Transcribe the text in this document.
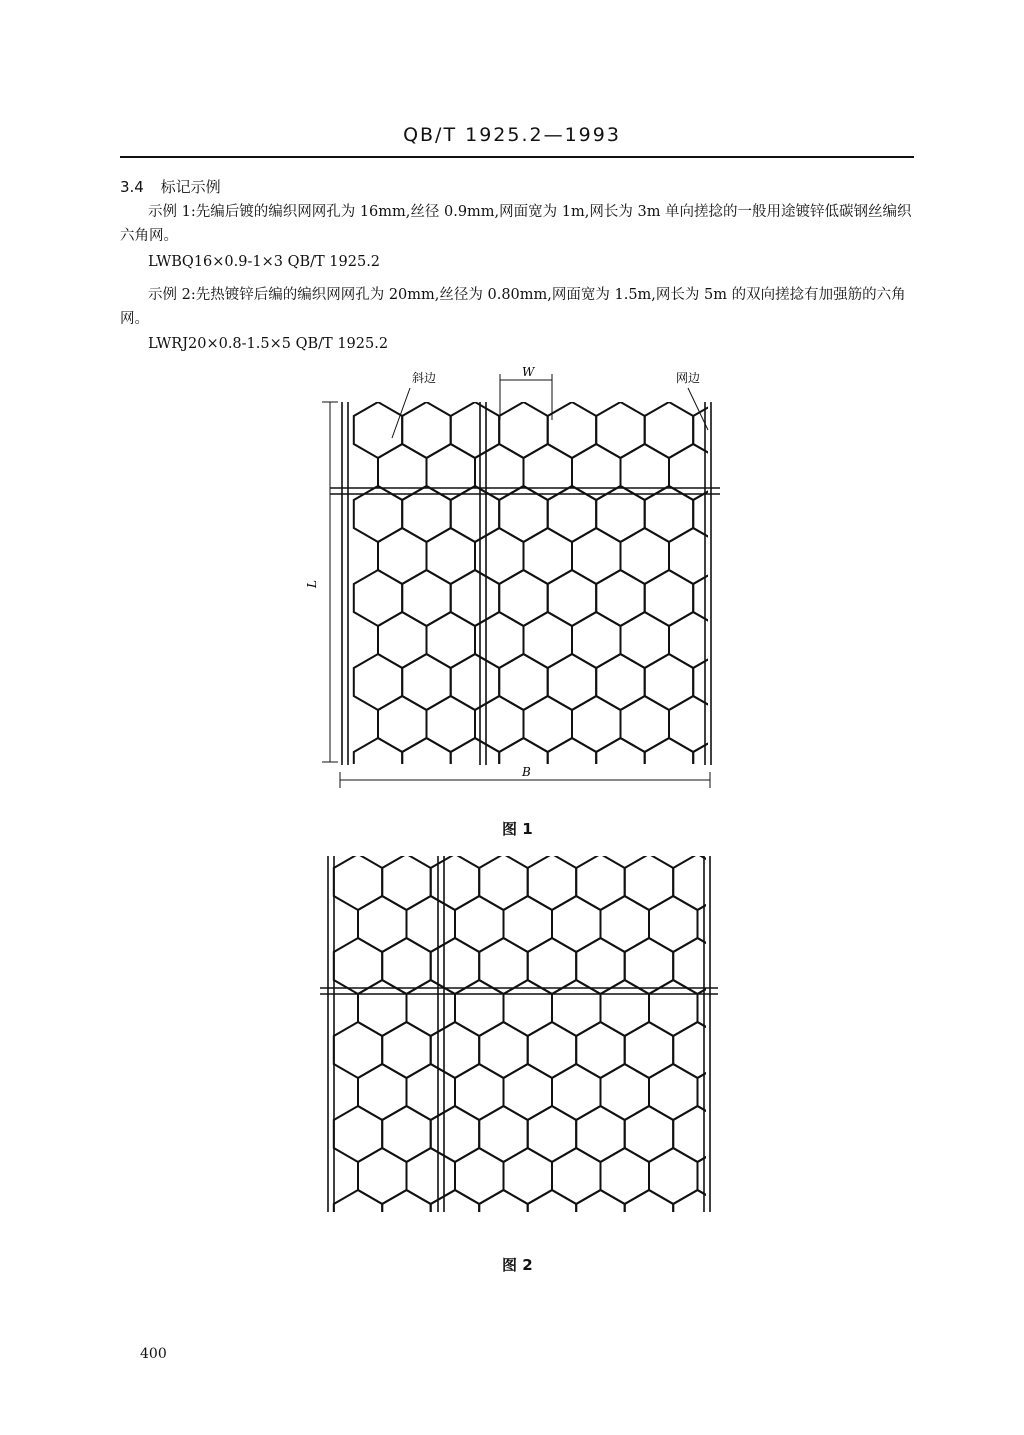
QB/T 1925.2—1993
3.4 标记示例
示例 1:先编后镀的编织网网孔为 16mm,丝径 0.9mm,网面宽为 1m,网长为 3m 单向搓捻的一般用途镀锌低碳钢丝编织六角网。
LWBQ16×0.9-1×3 QB/T 1925.2
示例 2:先热镀锌后编的编织网网孔为 20mm,丝径为 0.80mm,网面宽为 1.5m,网长为 5m 的双向搓捻有加强筋的六角网。
LWRJ20×0.8-1.5×5 QB/T 1925.2
斜边	W	网边
L
B
图 1
图 2
400
